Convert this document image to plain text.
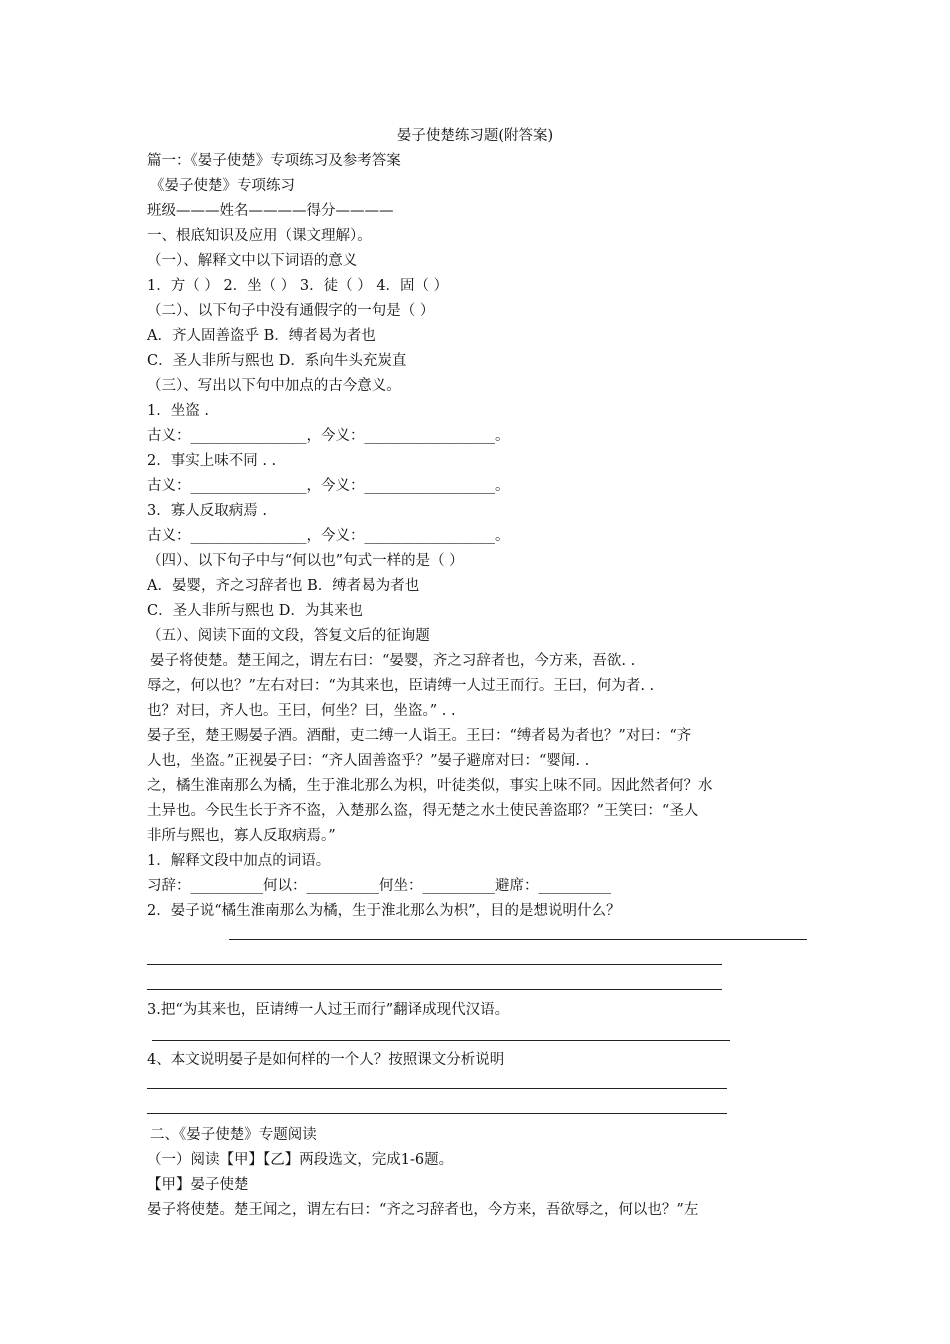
晏子使楚练习题(附答案)

篇一：《晏子使楚》专项练习及参考答案

《晏子使楚》专项练习

班级———姓名————得分————

一、根底知识及应用（课文理解）。

（一）、解释文中以下词语的意义

1．方（ ） 2．坐（ ） 3．徒（ ） 4．固（ ）

（二）、以下句子中没有通假字的一句是（ ）

A．齐人固善盗乎 B．缚者曷为者也

C．圣人非所与熙也 D．系向牛头充炭直

（三）、写出以下句中加点的古今意义。

1．坐盗 .

古义：________________，今义：__________________。

2．事实上味不同 . .

古义：________________，今义：__________________。

3．寡人反取病焉 .

古义：________________，今义：__________________。

（四）、以下句子中与“何以也”句式一样的是（ ）

A．晏婴，齐之习辞者也 B．缚者曷为者也

C．圣人非所与熙也 D．为其来也

（五）、阅读下面的文段，答复文后的征询题

晏子将使楚。楚王闻之，谓左右曰：“晏婴，齐之习辞者也，今方来，吾欲. .

辱之，何以也？”左右对曰：“为其来也，臣请缚一人过王而行。王曰，何为者. .

也？对曰，齐人也。王曰，何坐？曰，坐盗。” . .

晏子至，楚王赐晏子酒。酒酣，吏二缚一人诣王。王曰：“缚者曷为者也？”对曰：“齐

人也，坐盗。”正视晏子曰：“齐人固善盗乎？”晏子避席对曰：“婴闻. .

之，橘生淮南那么为橘，生于淮北那么为枳，叶徒类似，事实上味不同。因此然者何？水

土异也。今民生长于齐不盗，入楚那么盗，得无楚之水土使民善盗耶？”王笑曰：“圣人

非所与熙也，寡人反取病焉。”

1．解释文段中加点的词语。

习辞：__________何以：__________何坐：__________避席：__________

2．晏子说“橘生淮南那么为橘，生于淮北那么为枳”，目的是想说明什么？

3.把“为其来也，臣请缚一人过王而行”翻译成现代汉语。

4、本文说明晏子是如何样的一个人？按照课文分析说明

二、《晏子使楚》专题阅读

（一）阅读【甲】【乙】两段选文，完成1-6题。

【甲】晏子使楚

晏子将使楚。楚王闻之，谓左右曰：“齐之习辞者也，今方来，吾欲辱之，何以也？”左
